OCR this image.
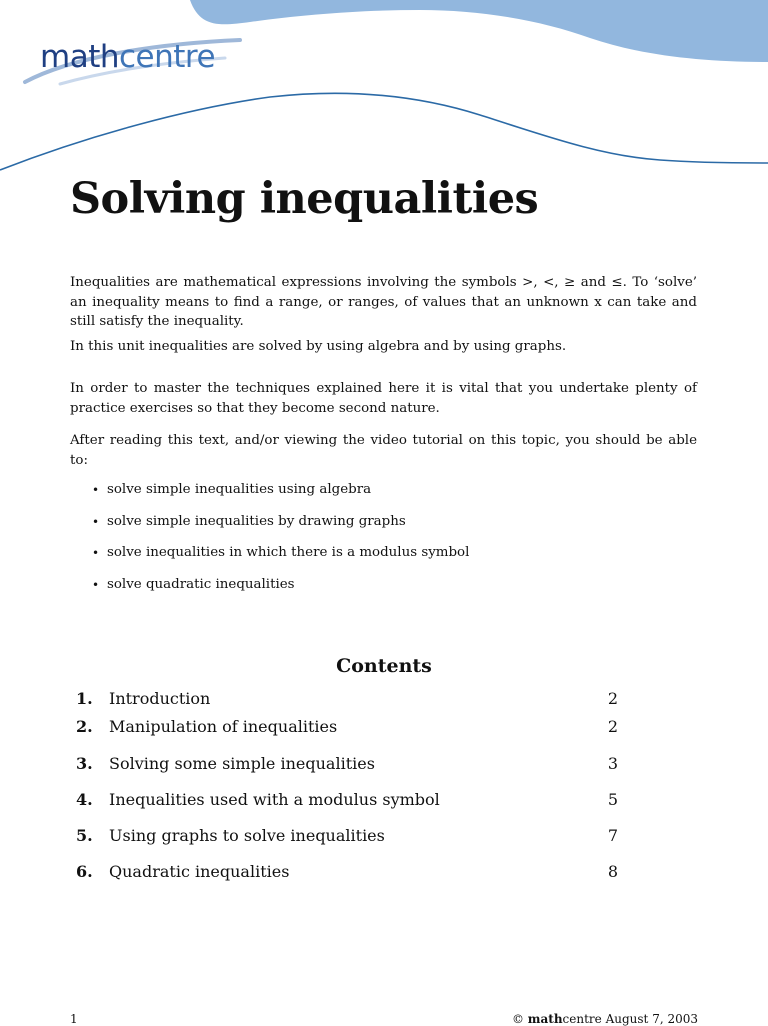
mathcentre
Solving inequalities

Inequalities are mathematical expressions involving the symbols >, <, ≥ and ≤. To ‘solve’ an inequality means to find a range, or ranges, of values that an unknown x can take and still satisfy the inequality.

In this unit inequalities are solved by using algebra and by using graphs.

In order to master the techniques explained here it is vital that you undertake plenty of practice exercises so that they become second nature.

After reading this text, and/or viewing the video tutorial on this topic, you should be able to:

• solve simple inequalities using algebra
• solve simple inequalities by drawing graphs
• solve inequalities in which there is a modulus symbol
• solve quadratic inequalities
Contents
1. Introduction	2
2. Manipulation of inequalities	2
3. Solving some simple inequalities	3
4. Inequalities used with a modulus symbol	5
5. Using graphs to solve inequalities	7
6. Quadratic inequalities	8
1	© mathcentre August 7, 2003
